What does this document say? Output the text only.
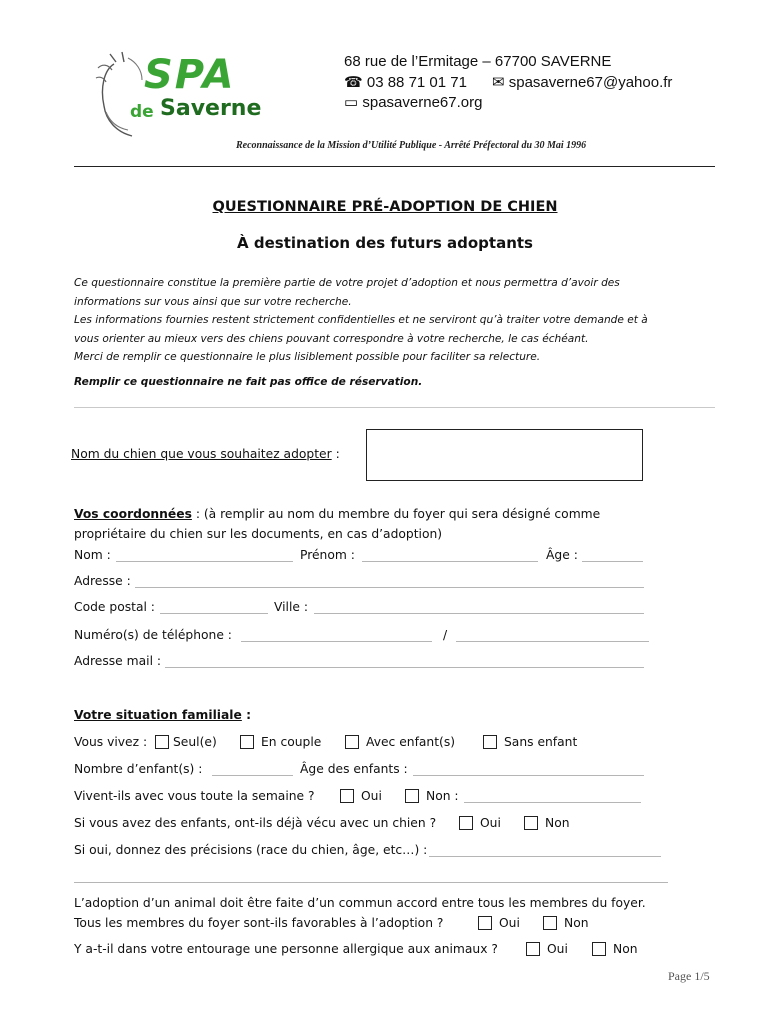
SPA
de Saverne
68 rue de l’Ermitage – 67700 SAVERNE
☎ 03 88 71 01 71 ✉ spasaverne67@yahoo.fr
▭ spasaverne67.org
Reconnaissance de la Mission d’Utilité Publique - Arrêté Préfectoral du 30 Mai 1996
QUESTIONNAIRE PRÉ-ADOPTION DE CHIEN
À destination des futurs adoptants
Ce questionnaire constitue la première partie de votre projet d’adoption et nous permettra d’avoir des
informations sur vous ainsi que sur votre recherche.
Les informations fournies restent strictement confidentielles et ne serviront qu’à traiter votre demande et à
vous orienter au mieux vers des chiens pouvant correspondre à votre recherche, le cas échéant.
Merci de remplir ce questionnaire le plus lisiblement possible pour faciliter sa relecture.
Remplir ce questionnaire ne fait pas office de réservation.
Nom du chien que vous souhaitez adopter :
Vos coordonnées : (à remplir au nom du membre du foyer qui sera désigné comme
propriétaire du chien sur les documents, en cas d’adoption)
Nom :	Prénom :	Âge :
Adresse :
Code postal :	Ville :
Numéro(s) de téléphone :	/
Adresse mail :
Votre situation familiale :
Vous vivez : Seul(e)	En couple	Avec enfant(s)	Sans enfant
Nombre d’enfant(s) :	Âge des enfants :
Vivent-ils avec vous toute la semaine ?	Oui	Non :
Si vous avez des enfants, ont-ils déjà vécu avec un chien ?	Oui	Non
Si oui, donnez des précisions (race du chien, âge, etc…) :
L’adoption d’un animal doit être faite d’un commun accord entre tous les membres du foyer.
Tous les membres du foyer sont-ils favorables à l’adoption ?	Oui	Non
Y a-t-il dans votre entourage une personne allergique aux animaux ?	Oui	Non
Page 1/5
